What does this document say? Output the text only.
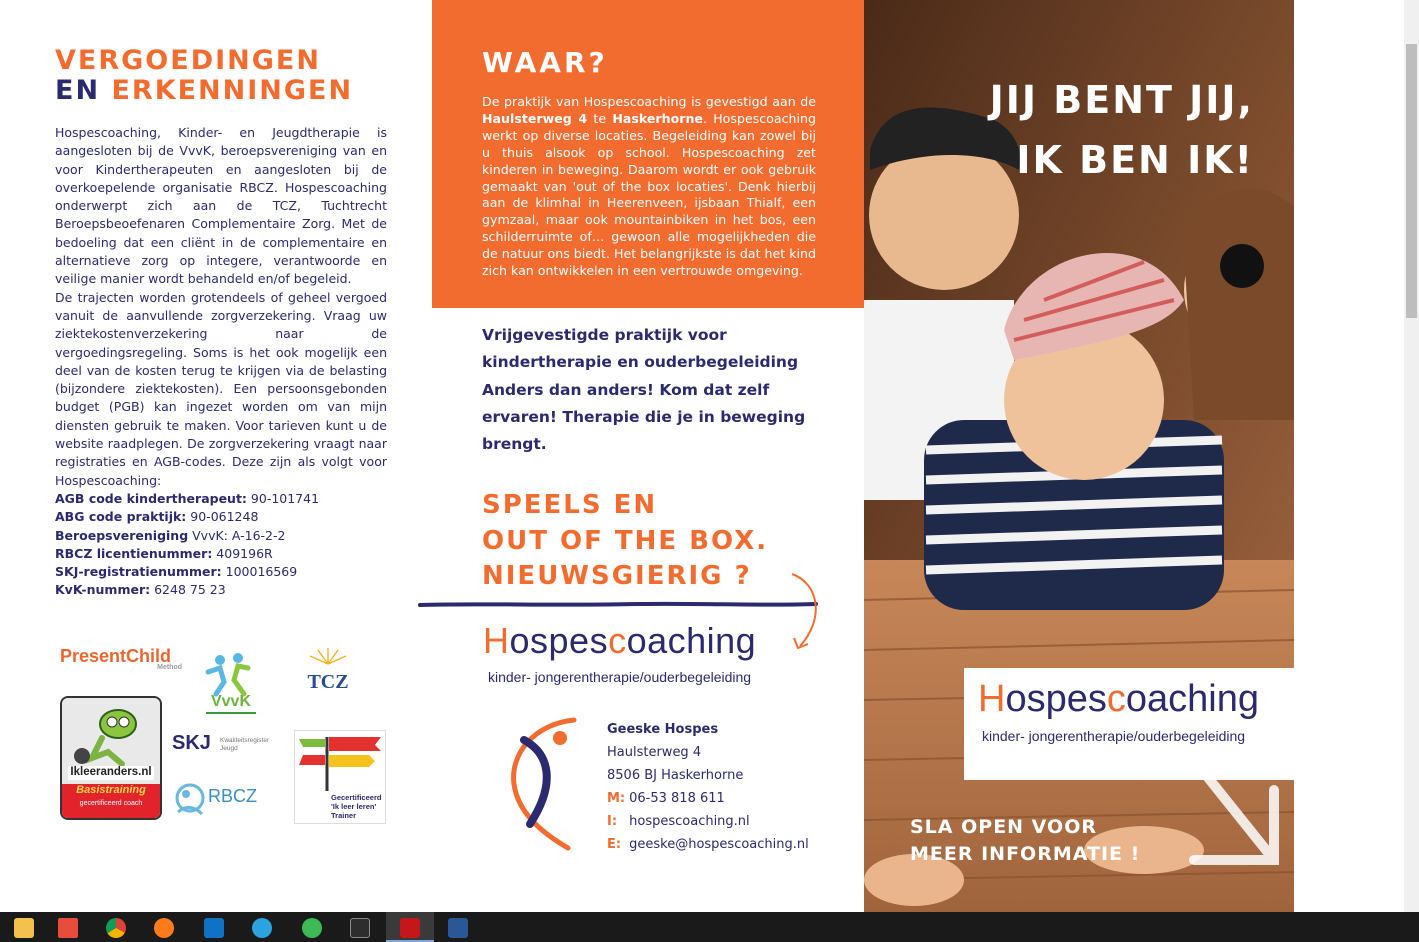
VERGOEDINGEN
EN ERKENNINGEN

Hospescoaching, Kinder- en Jeugdtherapie is aangesloten bij de VvvK, beroepsvereniging van en voor Kindertherapeuten en aangesloten bij de overkoepelende organisatie RBCZ. Hospescoaching onderwerpt zich aan de TCZ, Tuchtrecht Beroepsbeoefenaren Complementaire Zorg. Met de bedoeling dat een cliënt in de complementaire en alternatieve zorg op integere, verantwoorde en veilige manier wordt behandeld en/of begeleid.

De trajecten worden grotendeels of geheel vergoed vanuit de aanvullende zorgverzekering. Vraag uw ziektekostenverzekering naar de vergoedingsregeling. Soms is het ook mogelijk een deel van de kosten terug te krijgen via de belasting (bijzondere ziektekosten). Een persoonsgebonden budget (PGB) kan ingezet worden om van mijn diensten gebruik te maken. Voor tarieven kunt u de website raadplegen. De zorgverzekering vraagt naar registraties en AGB-codes. Deze zijn als volgt voor Hospescoaching:

AGB code kindertherapeut: 90-101741
ABG code praktijk: 90-061248
Beroepsvereniging VvvK: A-16-2-2
RBCZ licentienummer: 409196R
SKJ-registratienummer: 100016569
KvK-nummer: 6248 75 23
PresentChild
Method
VvvK
TCZ
Ikleeranders.nl
Basistraining
gecertificeerd coach
SKJ Kwaliteitsregister Jeugd
RBCZ	Gecertificeerd
'Ik leer leren'
Trainer
WAAR?
De praktijk van Hospescoaching is gevestigd aan de Haulsterweg 4 te Haskerhorne. Hospescoaching werkt op diverse locaties. Begeleiding kan zowel bij u thuis alsook op school. Hospescoaching zet kinderen in beweging. Daarom wordt er ook gebruik gemaakt van 'out of the box locaties'. Denk hierbij aan de klimhal in Heerenveen, ijsbaan Thialf, een gymzaal, maar ook mountainbiken in het bos, een schilderruimte of… gewoon alle mogelijkheden die de natuur ons biedt. Het belangrijkste is dat het kind zich kan ontwikkelen in een vertrouwde omgeving.
Vrijgevestigde praktijk voor kindertherapie en ouderbegeleiding Anders dan anders! Kom dat zelf ervaren! Therapie die je in beweging brengt.
SPEELS EN
OUT OF THE BOX.
NIEUWSGIERIG ?
Hospescoaching
kinder- jongerentherapie/ouderbegeleiding
Geeske Hospes
Haulsterweg 4
8506 BJ Haskerhorne
M: 06-53 818 611
I: hospescoaching.nl
E: geeske@hospescoaching.nl
JIJ BENT JIJ,
IK BEN IK!
Hospescoaching
kinder- jongerentherapie/ouderbegeleiding
SLA OPEN VOOR
MEER INFORMATIE !
